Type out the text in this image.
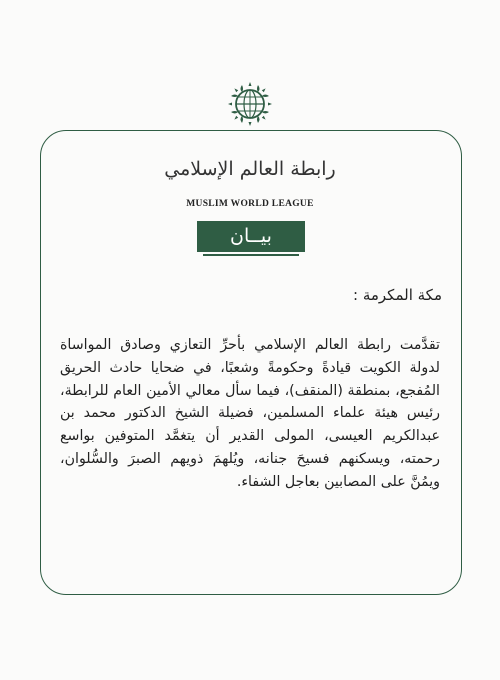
رابطة العالم الإسلامي
MUSLIM WORLD LEAGUE
بيــان
مكة المكرمة :
تقدَّمت رابطة العالم الإسلامي بأحرِّ التعازي وصادق المواساة لدولة الكويت قيادةً وحكومةً وشعبًا، في ضحايا حادث الحريق المُفجع، بمنطقة (المنقف)، فيما سأل معالي الأمين العام للرابطة، رئيس هيئة علماء المسلمين، فضيلة الشيخ الدكتور محمد بن عبدالكريم العيسى، المولى القدير أن يتغمَّد المتوفين بواسع رحمته، ويسكنهم فسيحَ جنانه، ويُلهمَ ذويهم الصبرَ والسُّلوان، ويمُنَّ على المصابين بعاجل الشفاء.
